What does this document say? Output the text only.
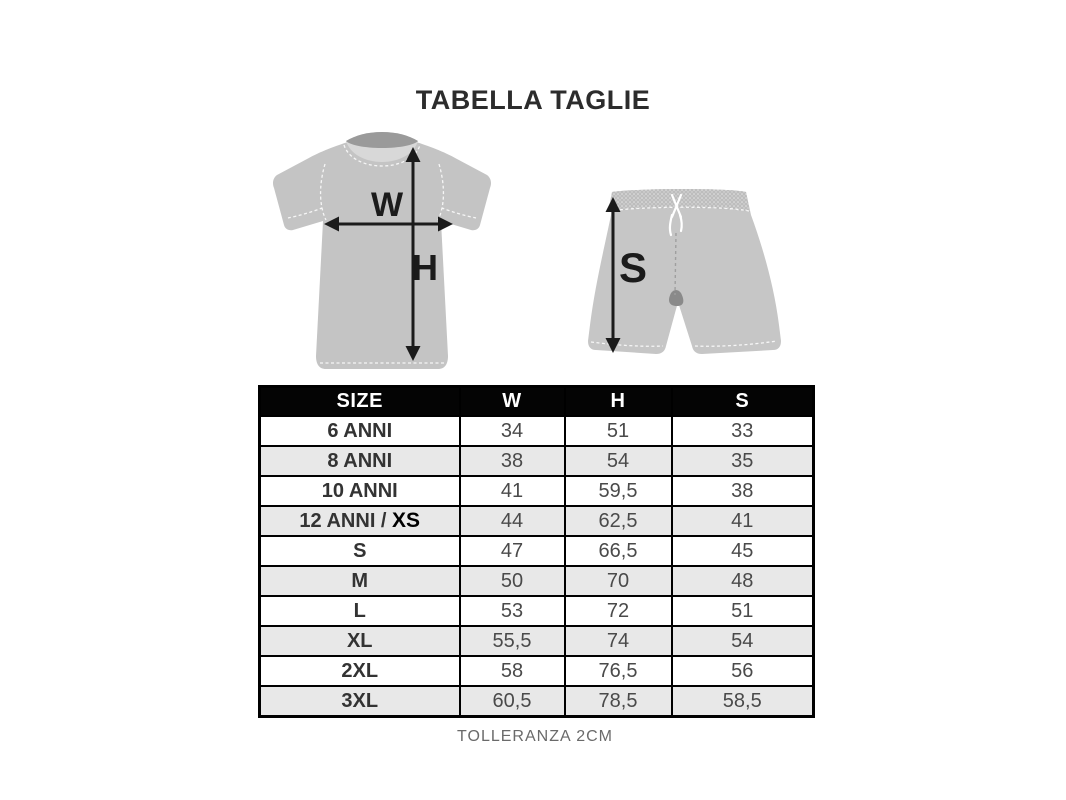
TABELLA TAGLIE
W
H	S
SIZE	W	H	S
6 ANNI	34	51	33
8 ANNI	38	54	35
10 ANNI	41	59,5	38
12 ANNI / XS	44	62,5	41
S	47	66,5	45
M	50	70	48
L	53	72	51
XL	55,5	74	54
2XL	58	76,5	56
3XL	60,5	78,5	58,5
TOLLERANZA 2CM
